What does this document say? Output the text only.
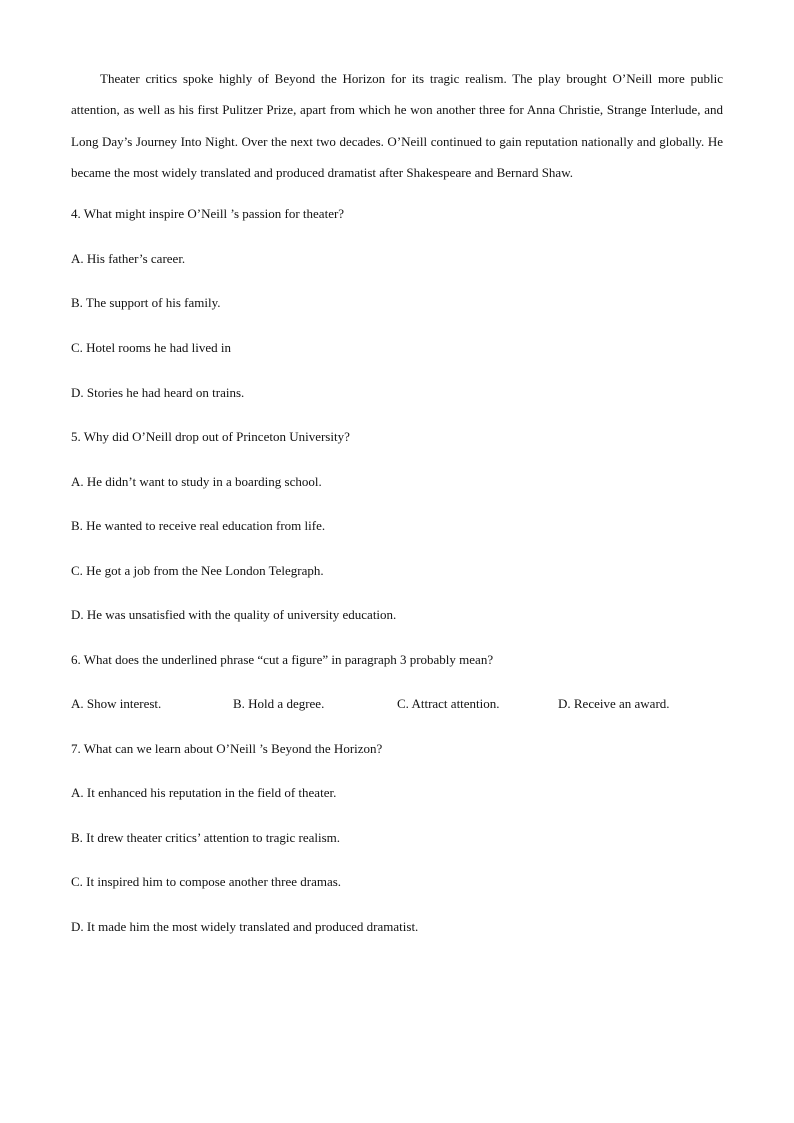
Theater critics spoke highly of Beyond the Horizon for its tragic realism. The play brought O’Neill more public attention, as well as his first Pulitzer Prize, apart from which he won another three for Anna Christie, Strange Interlude, and Long Day’s Journey Into Night. Over the next two decades. O’Neill continued to gain reputation nationally and globally. He became the most widely translated and produced dramatist after Shakespeare and Bernard Shaw.

4. What might inspire O’Neill ’s passion for theater?

A. His father’s career.

B. The support of his family.

C. Hotel rooms he had lived in

D. Stories he had heard on trains.

5. Why did O’Neill drop out of Princeton University?

A. He didn’t want to study in a boarding school.

B. He wanted to receive real education from life.

C. He got a job from the Nee London Telegraph.

D. He was unsatisfied with the quality of university education.

6. What does the underlined phrase “cut a figure” in paragraph 3 probably mean?

A. Show interest.	B. Hold a degree.	C. Attract attention.	D. Receive an award.

7. What can we learn about O’Neill ’s Beyond the Horizon?

A. It enhanced his reputation in the field of theater.

B. It drew theater critics’ attention to tragic realism.

C. It inspired him to compose another three dramas.

D. It made him the most widely translated and produced dramatist.
